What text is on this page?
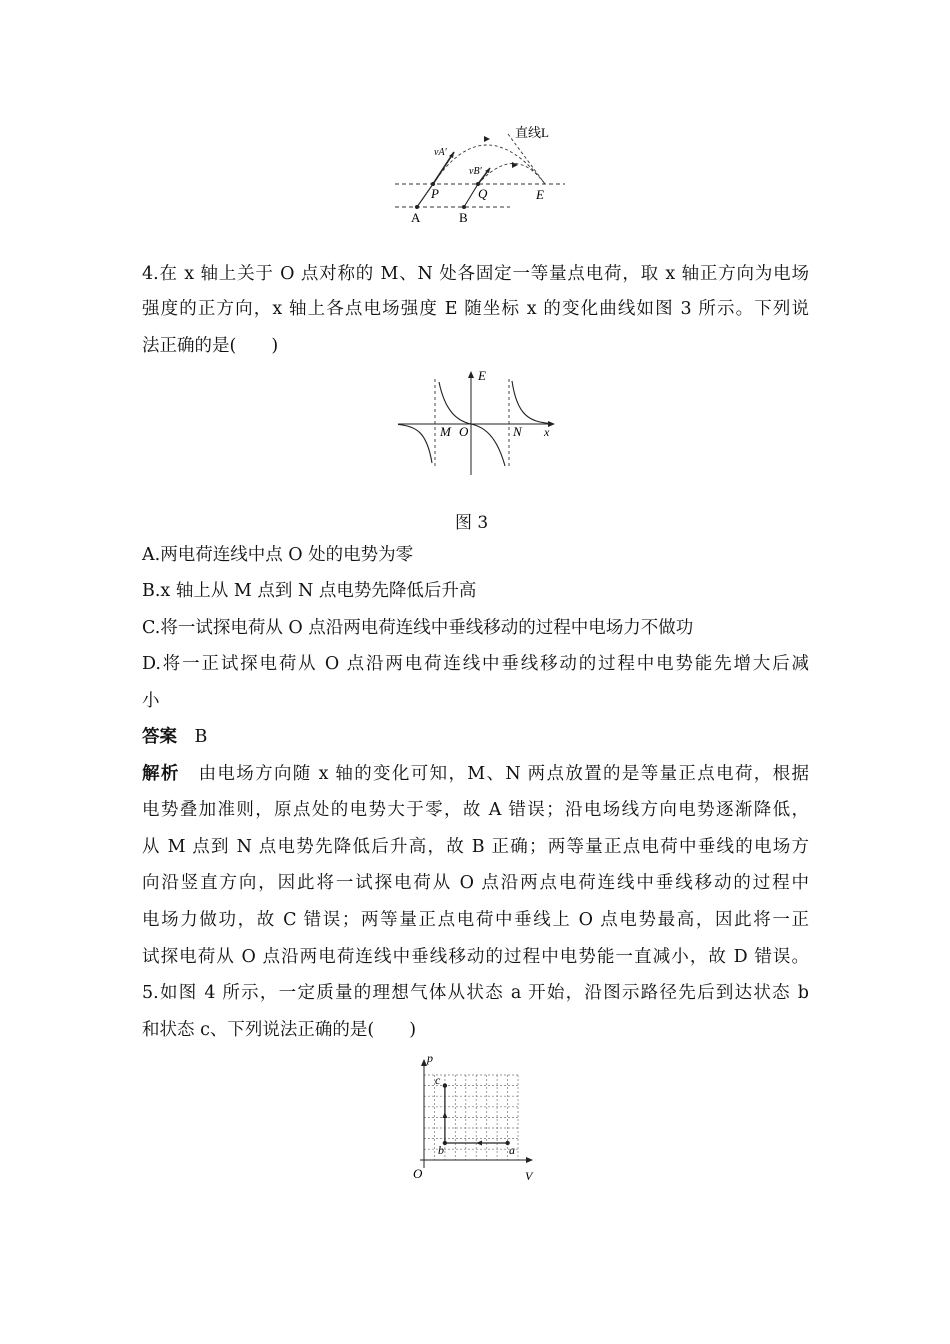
直线L
vA′
vB′
P	Q	E
A	B
4.在 x 轴上关于 O 点对称的 M、N 处各固定一等量点电荷，取 x 轴正方向为电场
强度的正方向，x 轴上各点电场强度 E 随坐标 x 的变化曲线如图 3 所示。下列说
法正确的是(　　)
E
x
M O	N
图 3
A.两电荷连线中点 O 处的电势为零
B.x 轴上从 M 点到 N 点电势先降低后升高
C.将一试探电荷从 O 点沿两电荷连线中垂线移动的过程中电场力不做功
D.将一正试探电荷从 O 点沿两电荷连线中垂线移动的过程中电势能先增大后减
小
答案　 B
解析　 由电场方向随 x 轴的变化可知，M、N 两点放置的是等量正点电荷，根据
电势叠加准则，原点处的电势大于零，故 A 错误；沿电场线方向电势逐渐降低，
从 M 点到 N 点电势先降低后升高，故 B 正确；两等量正点电荷中垂线的电场方
向沿竖直方向，因此将一试探电荷从 O 点沿两点电荷连线中垂线移动的过程中
电场力做功，故 C 错误；两等量正点电荷中垂线上 O 点电势最高，因此将一正
试探电荷从 O 点沿两电荷连线中垂线移动的过程中电势能一直减小，故 D 错误。
5.如图 4 所示，一定质量的理想气体从状态 a 开始，沿图示路径先后到达状态 b
和状态 c、下列说法正确的是(　　)
p
V
O
a
b
c
